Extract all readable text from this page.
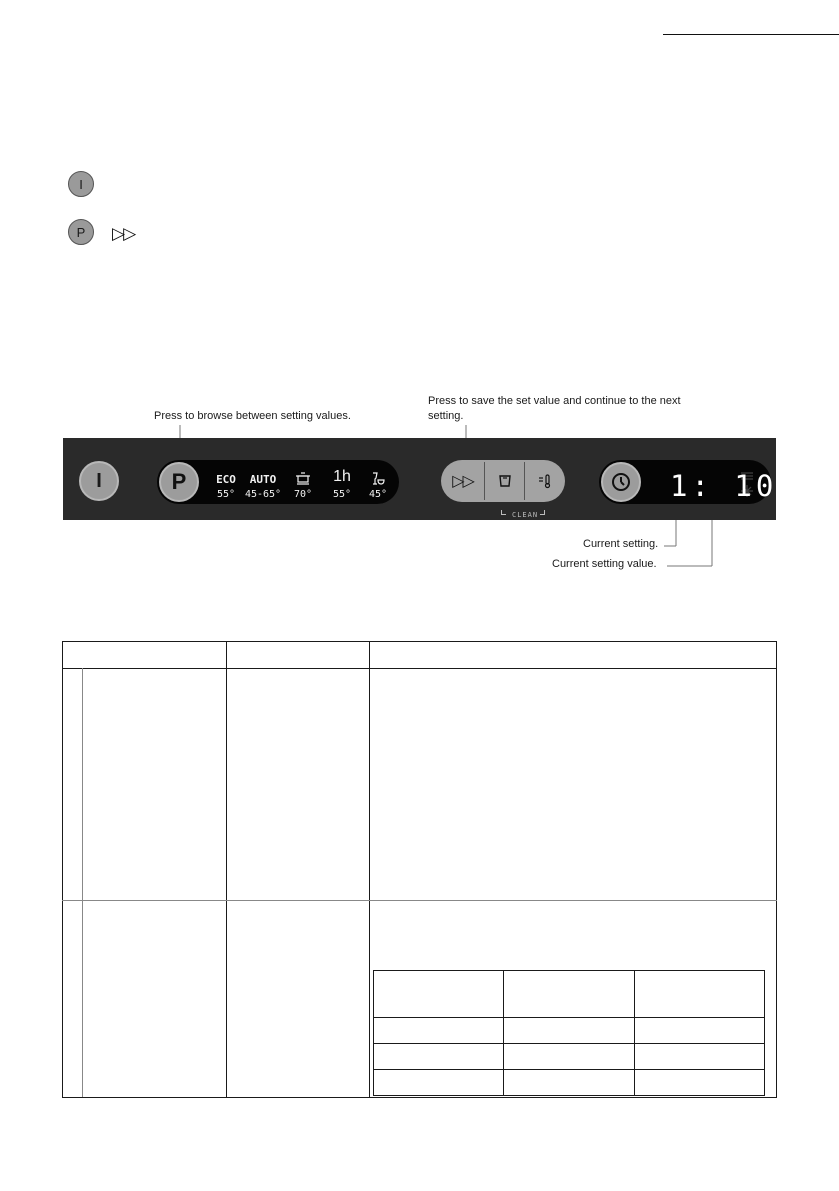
I
P ▷▷
Press to browse between setting values.
Press to save the set value and continue to the next setting.
I	P	ECO
55°
AUTO
45-65°	70°
1h
55°	45°
▷▷
CLEAN
1: 10
Current setting.
Current setting value.
